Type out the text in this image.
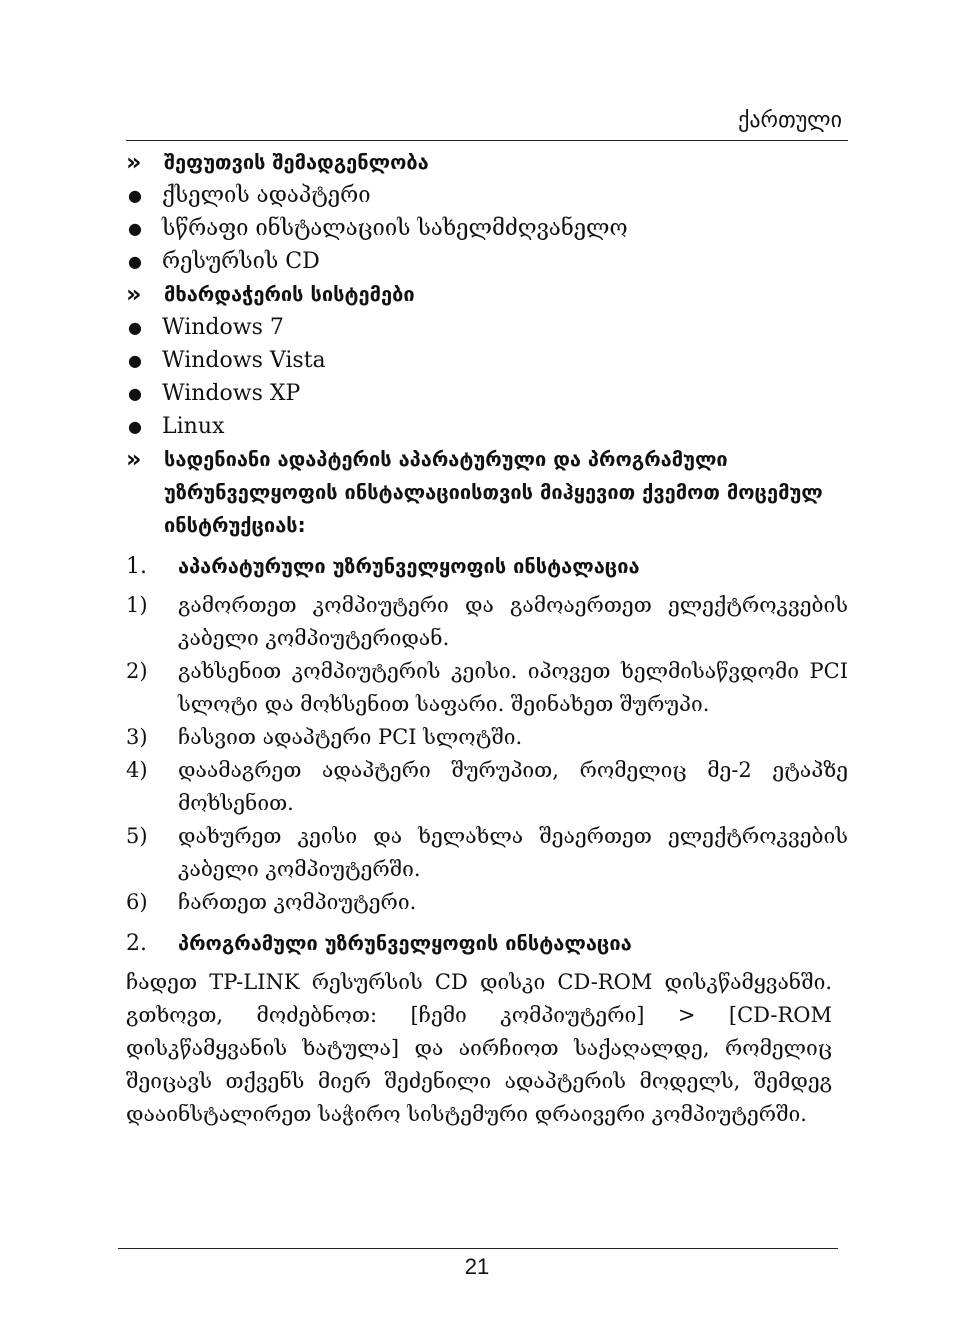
ქართული
»	შეფუთვის შემადგენლობა
● ქსელის ადაპტერი
● სწრაფი ინსტალაციის სახელმძღვანელო
● რესურსის CD
»	მხარდაჭერის სისტემები
● Windows 7
● Windows Vista
● Windows XP
● Linux
»	სადენიანი ადაპტერის აპარატურული და პროგრამული უზრუნველყოფის ინსტალაციისთვის მიჰყევით ქვემოთ მოცემულ ინსტრუქციას:
1.	აპარატურული უზრუნველყოფის ინსტალაცია
1)	გამორთეთ კომპიუტერი და გამოაერთეთ ელექტროკვების კაბელი კომპიუტერიდან.
2)	გახსენით კომპიუტერის კეისი. იპოვეთ ხელმისაწვდომი PCI სლოტი და მოხსენით საფარი. შეინახეთ შურუპი.
3)	ჩასვით ადაპტერი PCI სლოტში.
4)	დაამაგრეთ ადაპტერი შურუპით, რომელიც მე-2 ეტაპზე მოხსენით.
5)	დახურეთ კეისი და ხელახლა შეაერთეთ ელექტროკვების კაბელი კომპიუტერში.
6)	ჩართეთ კომპიუტერი.
2.	პროგრამული უზრუნველყოფის ინსტალაცია
ჩადეთ TP-LINK რესურსის CD დისკი CD-ROM დისკწამყვანში. გთხოვთ, მოძებნოთ: [ჩემი კომპიუტერი] > [CD-ROM დისკწამყვანის ხატულა] და აირჩიოთ საქაღალდე, რომელიც შეიცავს თქვენს მიერ შეძენილი ადაპტერის მოდელს, შემდეგ დააინსტალირეთ საჭირო სისტემური დრაივერი კომპიუტერში.
21
